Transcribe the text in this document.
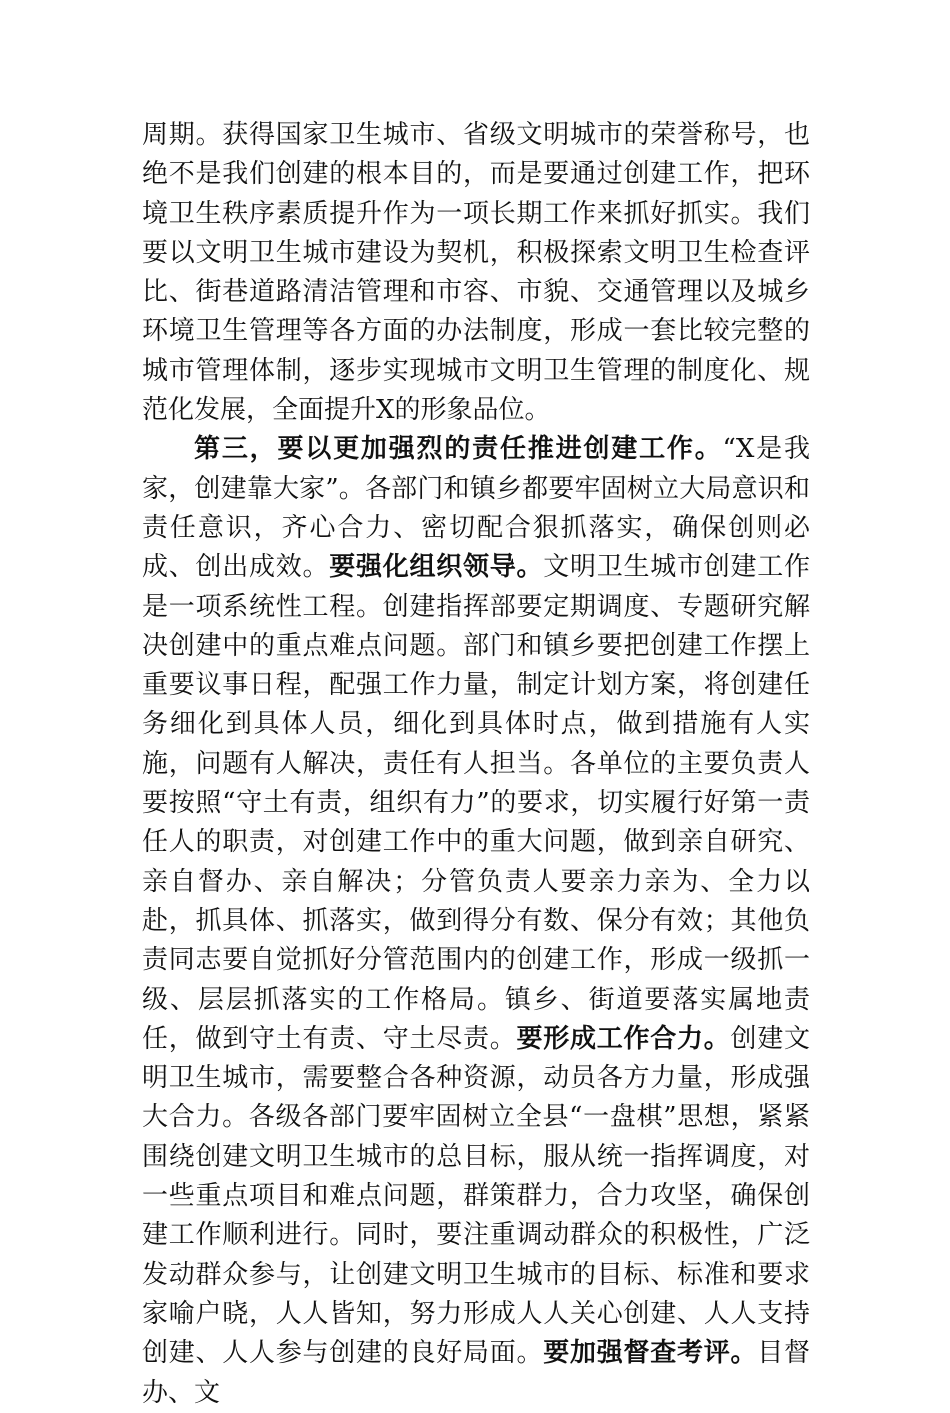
周期。获得国家卫生城市、省级文明城市的荣誉称号，也绝不是我们创建的根本目的，而是要通过创建工作，把环境卫生秩序素质提升作为一项长期工作来抓好抓实。我们要以文明卫生城市建设为契机，积极探索文明卫生检查评比、街巷道路清洁管理和市容、市貌、交通管理以及城乡环境卫生管理等各方面的办法制度，形成一套比较完整的城市管理体制，逐步实现城市文明卫生管理的制度化、规范化发展，全面提升X的形象品位。

第三，要以更加强烈的责任推进创建工作。“X是我家，创建靠大家”。各部门和镇乡都要牢固树立大局意识和责任意识，齐心合力、密切配合狠抓落实，确保创则必成、创出成效。要强化组织领导。文明卫生城市创建工作是一项系统性工程。创建指挥部要定期调度、专题研究解决创建中的重点难点问题。部门和镇乡要把创建工作摆上重要议事日程，配强工作力量，制定计划方案，将创建任务细化到具体人员，细化到具体时点，做到措施有人实施，问题有人解决，责任有人担当。各单位的主要负责人要按照“守土有责，组织有力”的要求，切实履行好第一责任人的职责，对创建工作中的重大问题，做到亲自研究、亲自督办、亲自解决；分管负责人要亲力亲为、全力以赴，抓具体、抓落实，做到得分有数、保分有效；其他负责同志要自觉抓好分管范围内的创建工作，形成一级抓一级、层层抓落实的工作格局。镇乡、街道要落实属地责任，做到守土有责、守土尽责。要形成工作合力。创建文明卫生城市，需要整合各种资源，动员各方力量，形成强大合力。各级各部门要牢固树立全县“一盘棋”思想，紧紧围绕创建文明卫生城市的总目标，服从统一指挥调度，对一些重点项目和难点问题，群策群力，合力攻坚，确保创建工作顺利进行。同时，要注重调动群众的积极性，广泛发动群众参与，让创建文明卫生城市的目标、标准和要求家喻户晓，人人皆知，努力形成人人关心创建、人人支持创建、人人参与创建的良好局面。要加强督查考评。目督办、文
